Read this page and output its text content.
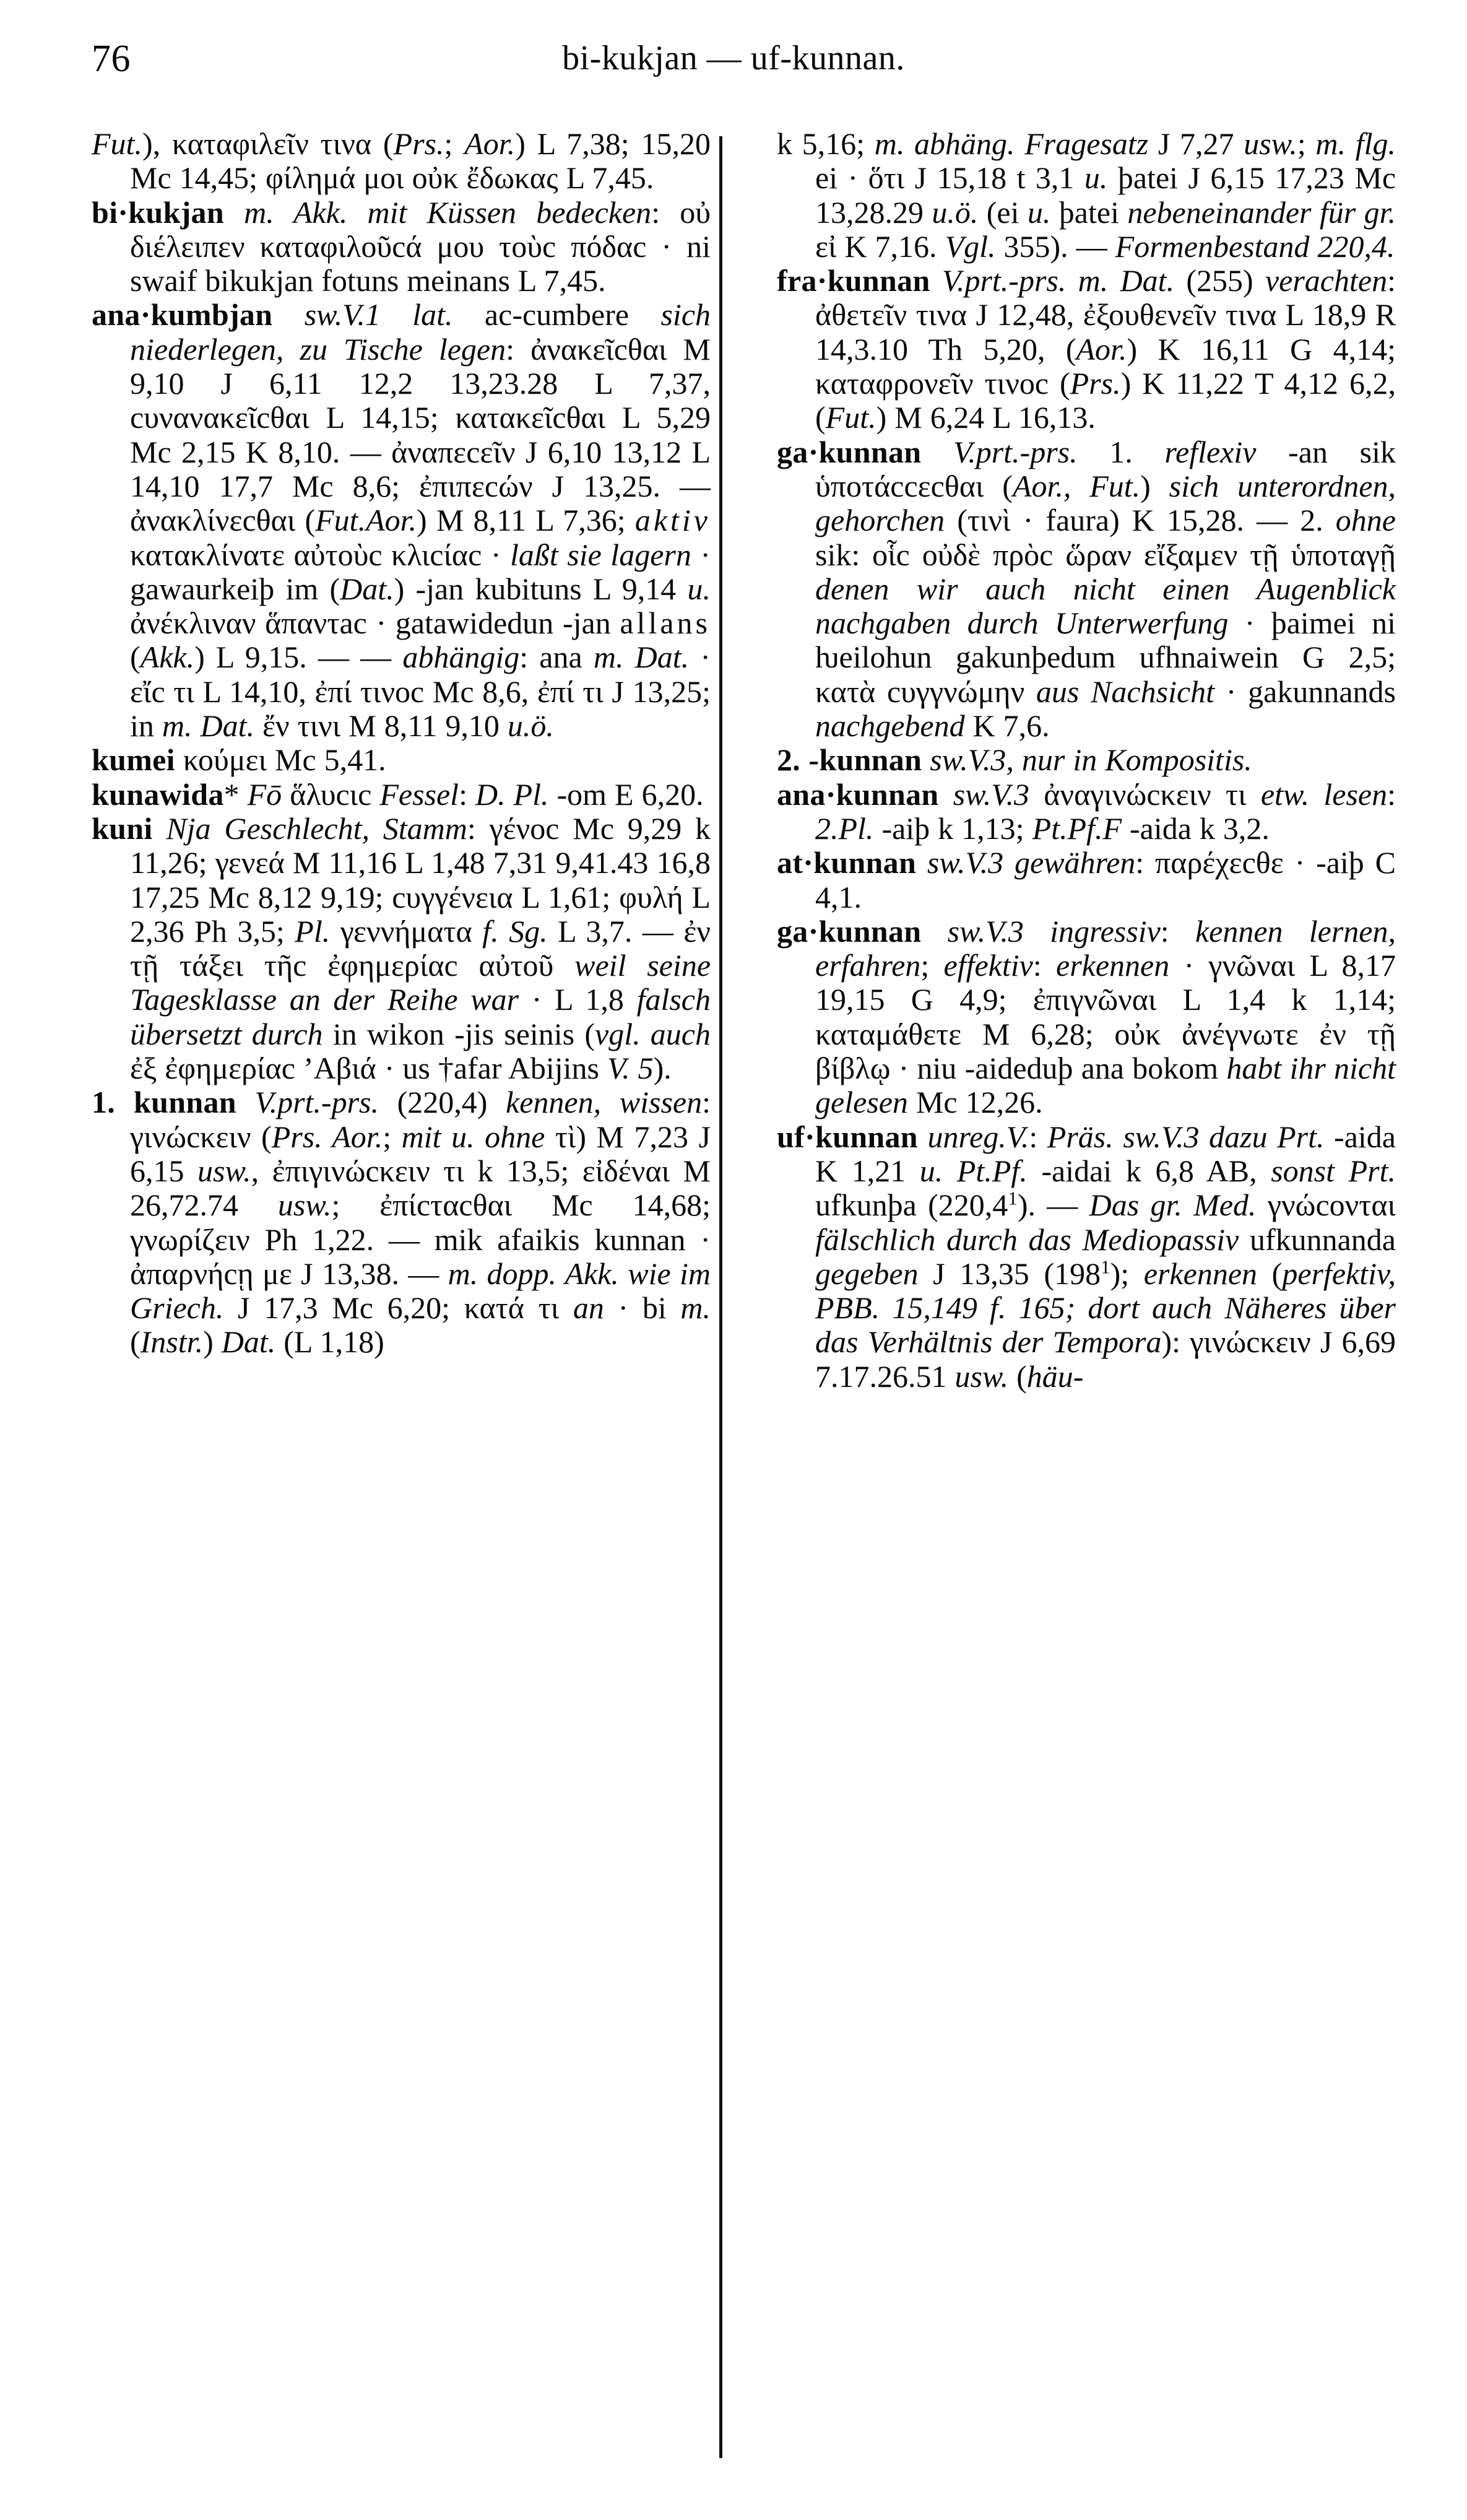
76	bi-kukjan — uf-kunnan.

Fut.), καταφιλεῖν τινα (Prs.; Aor.) L 7,38; 15,20 Mc 14,45; φίλημά μοι οὐκ ἔδωκας L 7,45.

bi·kukjan m. Akk. mit Küssen bedecken: οὐ διέλειπεν καταφιλοῦcά μου τοὺc πόδαc · ni swaif bikukjan fotuns meinans L 7,45.

ana·kumbjan sw.V.1 lat. ac-cumbere sich niederlegen, zu Tische legen: ἀνακεῖcθαι M 9,10 J 6,11 12,2 13,23.28 L 7,37, cυνανακεῖcθαι L 14,15; κατακεῖcθαι L 5,29 Mc 2,15 K 8,10. — ἀναπεcεῖν J 6,10 13,12 L 14,10 17,7 Mc 8,6; ἐπιπεcών J 13,25. — ἀνακλίνεcθαι (Fut.Aor.) M 8,11 L 7,36; aktiv κατακλίνατε αὐτοὺc κλιcίαc · laßt sie lagern · gawaurkeiþ im (Dat.) -jan kubituns L 9,14 u. ἀνέκλιναν ἅπαντac · gatawidedun -jan allans (Akk.) L 9,15. — — abhängig: ana m. Dat. · εἴc τι L 14,10, ἐπί τινοc Mc 8,6, ἐπί τι J 13,25; in m. Dat. ἔν τινι M 8,11 9,10 u.ö.

kumei κούμει Mc 5,41.

kunawida* Fō ἅλυcιc Fessel: D. Pl. -om E 6,20.

kuni Nja Geschlecht, Stamm: γένοc Mc 9,29 k 11,26; γενεά M 11,16 L 1,48 7,31 9,41.43 16,8 17,25 Mc 8,12 9,19; cυγγένεια L 1,61; φυλή L 2,36 Ph 3,5; Pl. γεννήματα f. Sg. L 3,7. — ἐν τῇ τάξει τῆc ἐφημερίαc αὐτοῦ weil seine Tagesklasse an der Reihe war · L 1,8 falsch übersetzt durch in wikon -jis seinis (vgl. auch ἐξ ἐφημερίαc ’Αβιά · us †afar Abijins V. 5).

1. kunnan V.prt.-prs. (220,4) kennen, wissen: γινώcκειν (Prs. Aor.; mit u. ohne τὶ) M 7,23 J 6,15 usw., ἐπιγινώcκειν τι k 13,5; εἰδέναι M 26,72.74 usw.; ἐπίcταcθαι Mc 14,68; γνωρίζειν Ph 1,22. — mik afaikis kunnan · ἀπαρνήcῃ με J 13,38. — m. dopp. Akk. wie im Griech. J 17,3 Mc 6,20; κατά τι an · bi m. (Instr.) Dat. (L 1,18)

k 5,16; m. abhäng. Fragesatz J 7,27 usw.; m. flg. ei · ὅτι J 15,18 t 3,1 u. þatei J 6,15 17,23 Mc 13,28.29 u.ö. (ei u. þatei nebeneinander für gr. εἰ K 7,16. Vgl. 355). — Formenbestand 220,4.

fra·kunnan V.prt.-prs. m. Dat. (255) verachten: ἀθετεῖν τινα J 12,48, ἐξουθενεῖν τινα L 18,9 R 14,3.10 Th 5,20, (Aor.) K 16,11 G 4,14; καταφρονεῖν τινοc (Prs.) K 11,22 T 4,12 6,2, (Fut.) M 6,24 L 16,13.

ga·kunnan V.prt.-prs. 1. reflexiv -an sik ὑποτάccεcθαι (Aor., Fut.) sich unterordnen, gehorchen (τινὶ · faura) K 15,28. — 2. ohne sik: οἷc οὐδὲ πρὸc ὥραν εἴξαμεν τῇ ὑποταγῇ denen wir auch nicht einen Augenblick nachgaben durch Unterwerfung · þaimei ni ƕeilohun gakunþedum ufhnaiwein G 2,5; κατὰ cυγγνώμην aus Nachsicht · gakunnands nachgebend K 7,6.

2. -kunnan sw.V.3, nur in Kompositis.

ana·kunnan sw.V.3 ἀναγινώcκειν τι etw. lesen: 2.Pl. -aiþ k 1,13; Pt.Pf.F -aida k 3,2.

at·kunnan sw.V.3 gewähren: παρέχεcθε · -aiþ C 4,1.

ga·kunnan sw.V.3 ingressiv: kennen lernen, erfahren; effektiv: erkennen · γνῶναι L 8,17 19,15 G 4,9; ἐπιγνῶναι L 1,4 k 1,14; καταμάθετε M 6,28; οὐκ ἀνέγνωτε ἐν τῇ βίβλῳ · niu -aideduþ ana bokom habt ihr nicht gelesen Mc 12,26.

uf·kunnan unreg.V.: Präs. sw.V.3 dazu Prt. -aida K 1,21 u. Pt.Pf. -aidai k 6,8 AB, sonst Prt. ufkunþa (220,4$^1$). — Das gr. Med. γνώcονται fälschlich durch das Mediopassiv ufkunnanda gegeben J 13,35 $(198^1)$; erkennen (perfektiv, PBB. 15,149 f. 165; dort auch Näheres über das Verhältnis der Tempora): γινώcκειν J 6,69 7.17.26.51 usw. (häu-
